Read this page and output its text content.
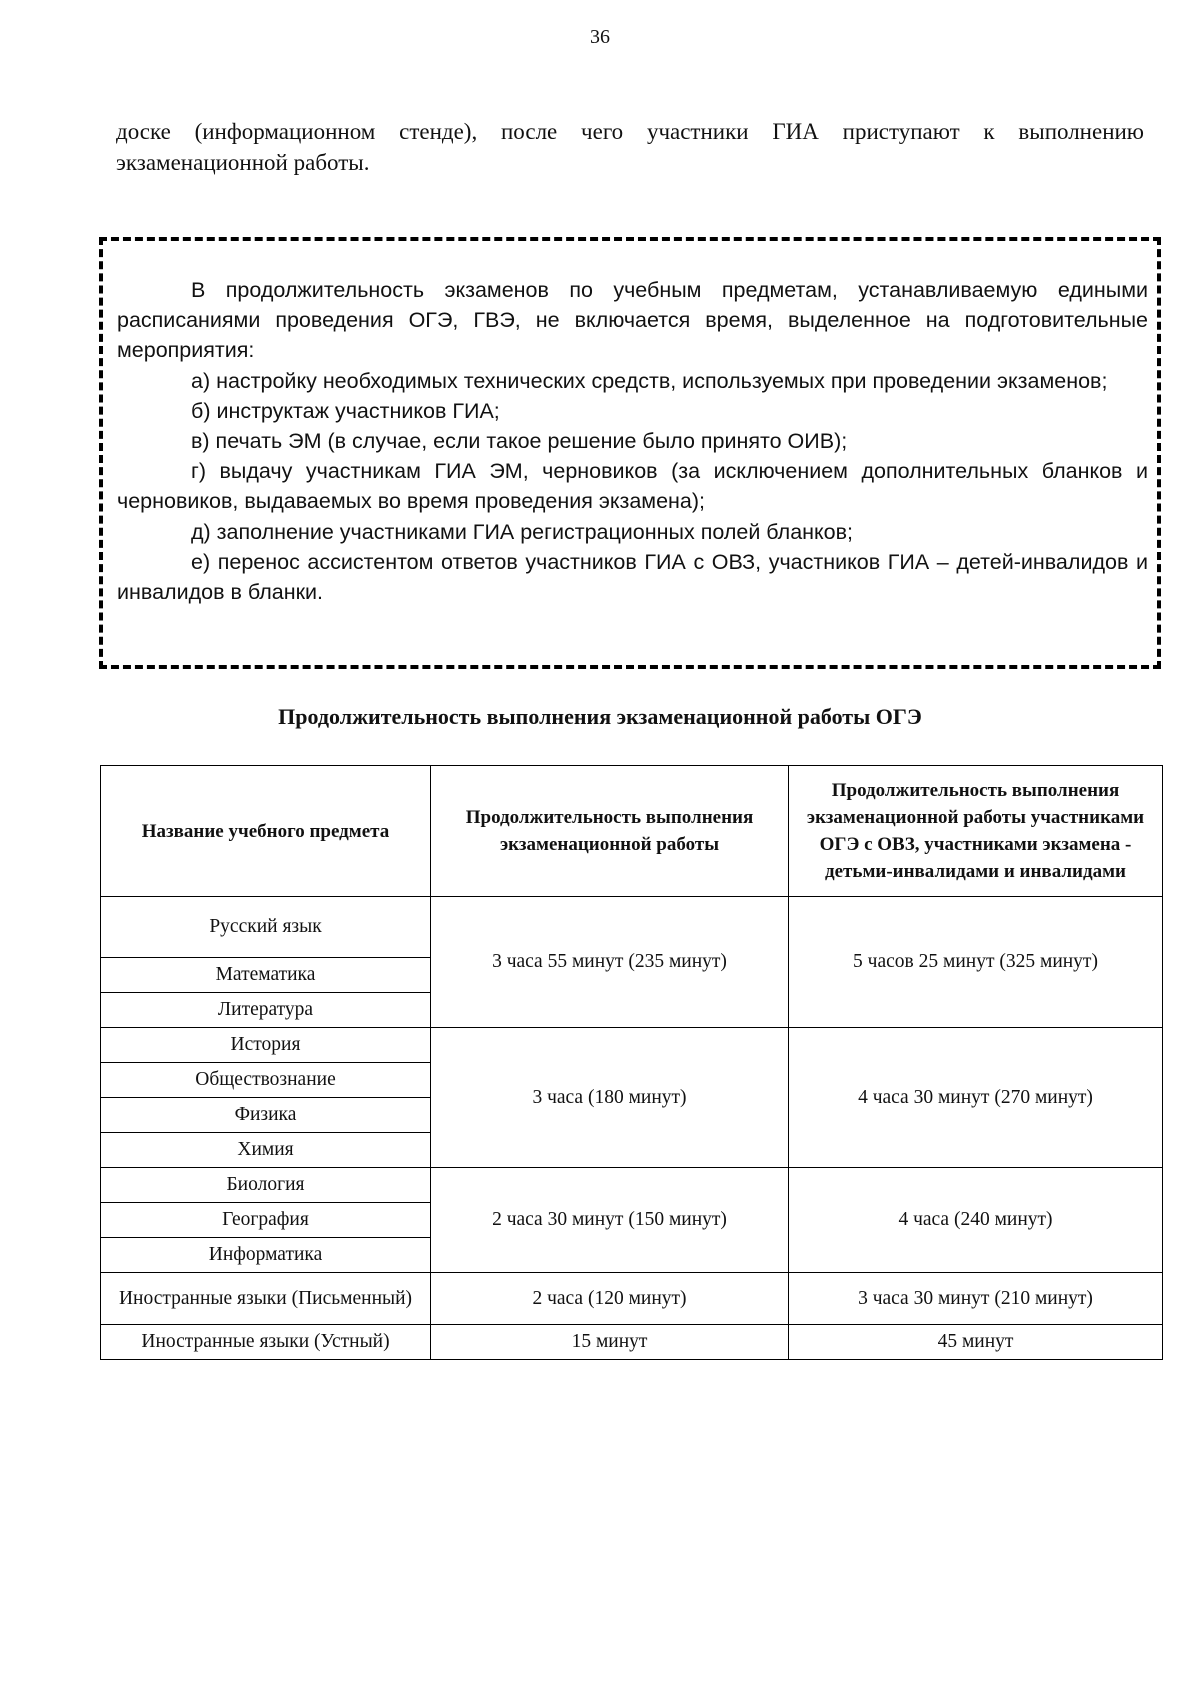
36
доске (информационном стенде), после чего участники ГИА приступают к выполнению экзаменационной работы.

В продолжительность экзаменов по учебным предметам, устанавливаемую едиными расписаниями проведения ОГЭ, ГВЭ, не включается время, выделенное на подготовительные мероприятия:

а) настройку необходимых технических средств, используемых при проведении экзаменов;

б) инструктаж участников ГИА;

в) печать ЭМ (в случае, если такое решение было принято ОИВ);

г) выдачу участникам ГИА ЭМ, черновиков (за исключением дополнительных бланков и черновиков, выдаваемых во время проведения экзамена);

д) заполнение участниками ГИА регистрационных полей бланков;

е) перенос ассистентом ответов участников ГИА с ОВЗ, участников ГИА – детей-инвалидов и инвалидов в бланки.

Продолжительность выполнения экзаменационной работы ОГЭ
Название учебного предмета	Продолжительность выполнения экзаменационной работы	Продолжительность выполнения экзаменационной работы участниками ОГЭ с ОВЗ, участниками экзамена - детьми-инвалидами и инвалидами
Русский язык	3 часа 55 минут (235 минут)	5 часов 25 минут (325 минут)
Математика		
Литература		
История	3 часа (180 минут)	4 часа 30 минут (270 минут)
Обществознание		
Физика		
Химия		
Биология	2 часа 30 минут (150 минут)	4 часа (240 минут)
География		
Информатика		
Иностранные языки (Письменный)	2 часа (120 минут)	3 часа 30 минут (210 минут)
Иностранные языки (Устный)	15 минут	45 минут
